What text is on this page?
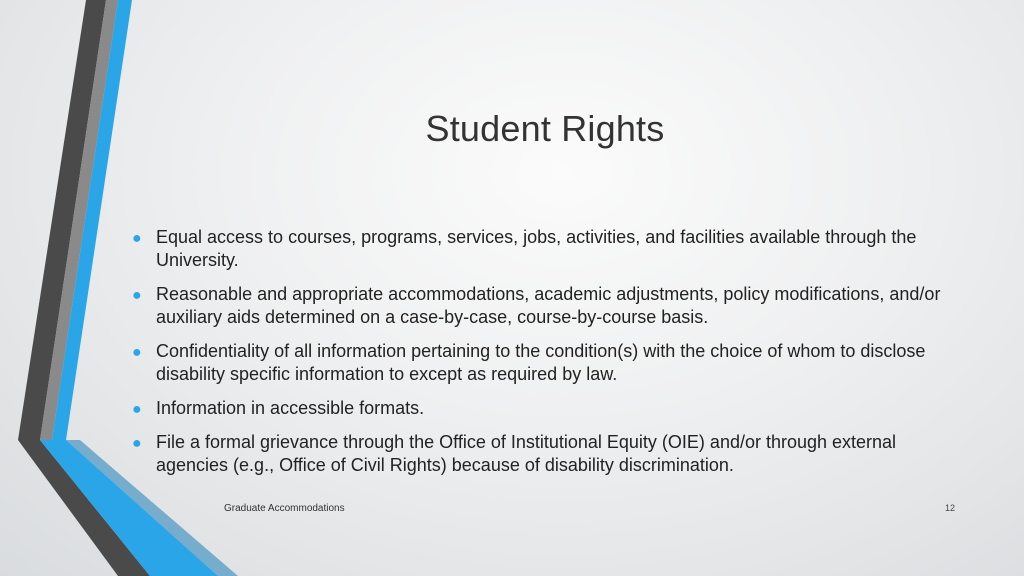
Student Rights
● Equal access to courses, programs, services, jobs, activities, and facilities available through the University.
● Reasonable and appropriate accommodations, academic adjustments, policy modifications, and/or auxiliary aids determined on a case-by-case, course-by-course basis.
● Confidentiality of all information pertaining to the condition(s) with the choice of whom to disclose disability specific information to except as required by law.
● Information in accessible formats.
● File a formal grievance through the Office of Institutional Equity (OIE) and/or through external agencies (e.g., Office of Civil Rights) because of disability discrimination.
Graduate Accommodations	12
